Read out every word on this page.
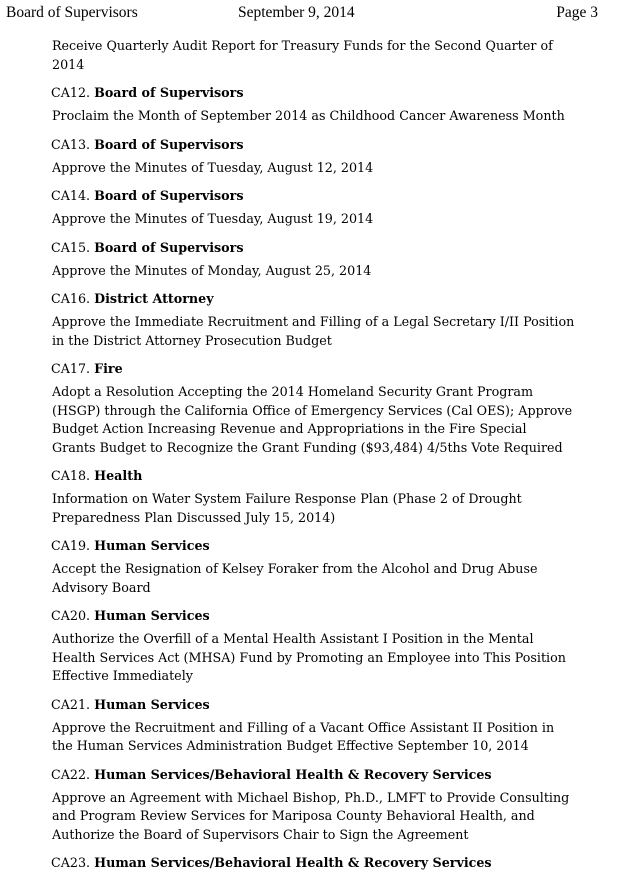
Board of Supervisors	September 9, 2014	Page 3
Receive Quarterly Audit Report for Treasury Funds for the Second Quarter of
2014
CA12. Board of Supervisors
Proclaim the Month of September 2014 as Childhood Cancer Awareness Month
CA13. Board of Supervisors
Approve the Minutes of Tuesday, August 12, 2014
CA14. Board of Supervisors
Approve the Minutes of Tuesday, August 19, 2014
CA15. Board of Supervisors
Approve the Minutes of Monday, August 25, 2014
CA16. District Attorney
Approve the Immediate Recruitment and Filling of a Legal Secretary I/II Position
in the District Attorney Prosecution Budget
CA17. Fire
Adopt a Resolution Accepting the 2014 Homeland Security Grant Program
(HSGP) through the California Office of Emergency Services (Cal OES); Approve
Budget Action Increasing Revenue and Appropriations in the Fire Special
Grants Budget to Recognize the Grant Funding ($93,484) 4/5ths Vote Required
CA18. Health
Information on Water System Failure Response Plan (Phase 2 of Drought
Preparedness Plan Discussed July 15, 2014)
CA19. Human Services
Accept the Resignation of Kelsey Foraker from the Alcohol and Drug Abuse
Advisory Board
CA20. Human Services
Authorize the Overfill of a Mental Health Assistant I Position in the Mental
Health Services Act (MHSA) Fund by Promoting an Employee into This Position
Effective Immediately
CA21. Human Services
Approve the Recruitment and Filling of a Vacant Office Assistant II Position in
the Human Services Administration Budget Effective September 10, 2014
CA22. Human Services/Behavioral Health & Recovery Services
Approve an Agreement with Michael Bishop, Ph.D., LMFT to Provide Consulting
and Program Review Services for Mariposa County Behavioral Health, and
Authorize the Board of Supervisors Chair to Sign the Agreement
CA23. Human Services/Behavioral Health & Recovery Services
